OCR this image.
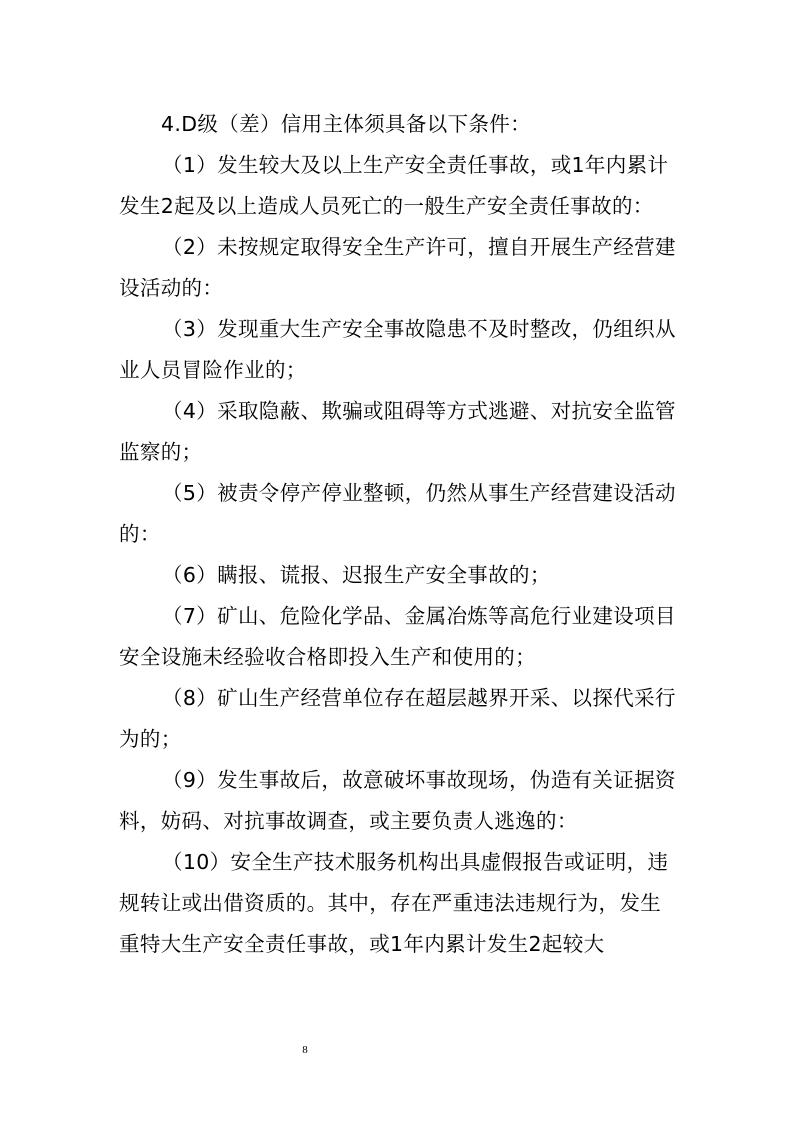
4.D级（差）信用主体须具备以下条件：

（1）发生较大及以上生产安全责任事故，或1年内累计发生2起及以上造成人员死亡的一般生产安全责任事故的：

（2）未按规定取得安全生产许可，擅自开展生产经营建设活动的：

（3）发现重大生产安全事故隐患不及时整改，仍组织从业人员冒险作业的；

（4）采取隐蔽、欺骗或阻碍等方式逃避、对抗安全监管监察的；

（5）被责令停产停业整顿，仍然从事生产经营建设活动的：

（6）瞒报、谎报、迟报生产安全事故的；

（7）矿山、危险化学品、金属冶炼等高危行业建设项目安全设施未经验收合格即投入生产和使用的；

（8）矿山生产经营单位存在超层越界开采、以探代采行为的；

（9）发生事故后，故意破坏事故现场，伪造有关证据资料，妨码、对抗事故调查，或主要负责人逃逸的：

（10）安全生产技术服务机构出具虚假报告或证明，违规转让或出借资质的。其中，存在严重违法违规行为，发生重特大生产安全责任事故，或1年内累计发生2起较大

8
